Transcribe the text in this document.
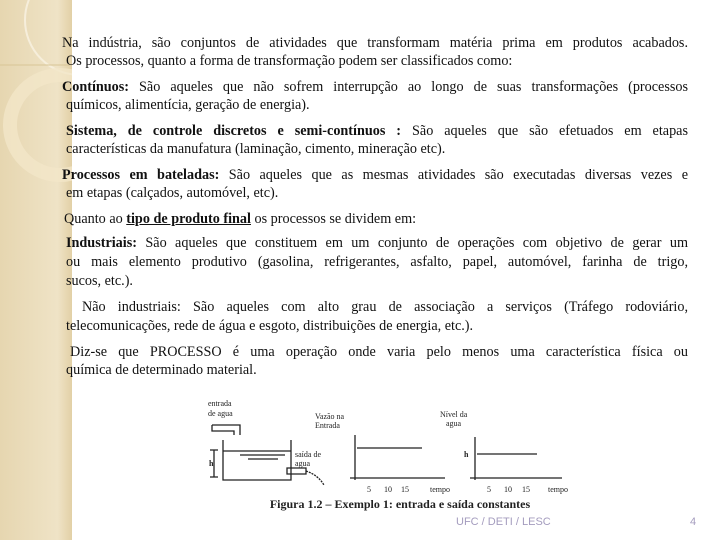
Na indústria, são conjuntos de atividades que transformam matéria prima em produtos acabados.
Os processos, quanto a forma de transformação podem ser classificados como:
Contínuos: São aqueles que não sofrem interrupção ao longo de suas transformações (processos
químicos, alimentícia, geração de energia).
Sistema, de controle discretos e semi-contínuos : São aqueles que são efetuados em etapas
características da manufatura (laminação, cimento, mineração etc).
Processos em bateladas: São aqueles que as mesmas atividades são executadas diversas vezes e
em etapas (calçados, automóvel, etc).
Quanto ao tipo de produto final os processos se dividem em:
Industriais: São aqueles que constituem em um conjunto de operações com objetivo de gerar um
ou mais elemento produtivo (gasolina, refrigerantes, asfalto, papel, automóvel, farinha de trigo,
sucos, etc.).
Não industriais: São aqueles com alto grau de associação a serviços (Tráfego rodoviário,
telecomunicações, rede de água e esgoto, distribuições de energia, etc.).
Diz-se que PROCESSO é uma operação onde varia pelo menos uma característica física ou
química de determinado material.
entrada
de agua
saída de
agua
h
Vazão na
Entrada
Nível da
agua
h
5 10 15	tempo	5 10 15 tempo
Figura 1.2 – Exemplo 1: entrada e saída constantes
UFC / DETI / LESC	4
